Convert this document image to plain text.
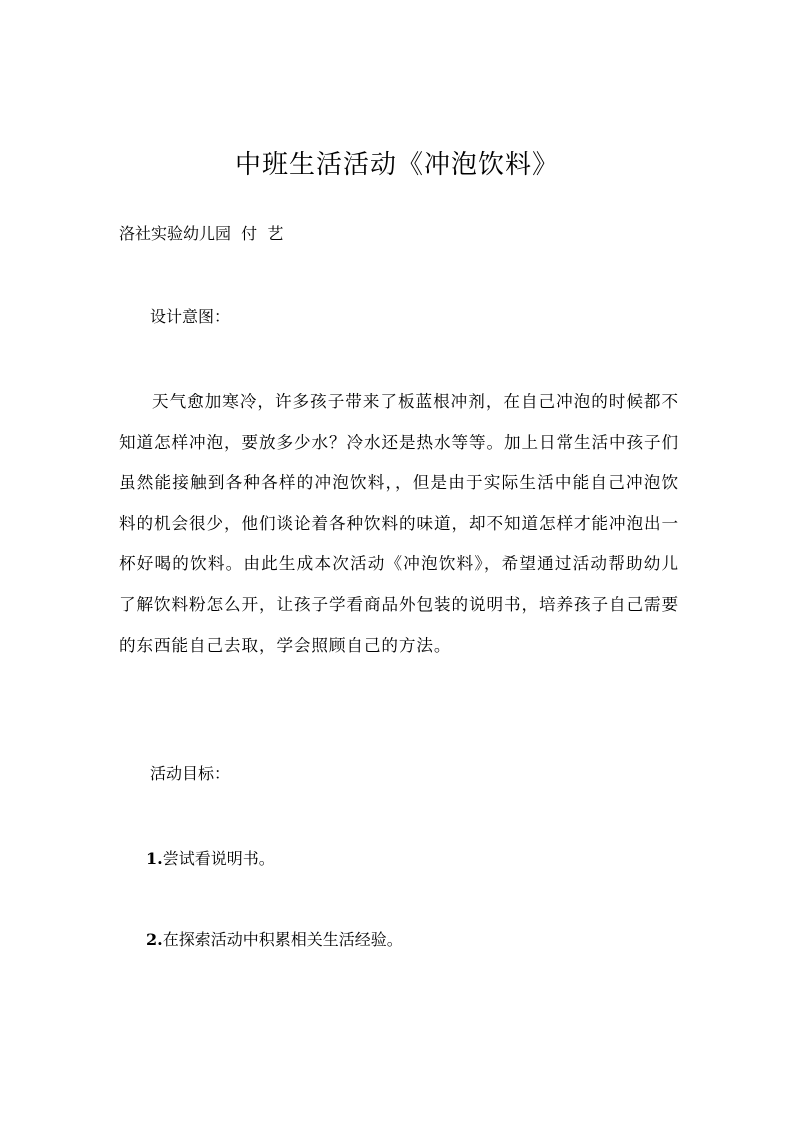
中班生活活动《冲泡饮料》
洛社实验幼儿园  付  艺
设计意图：
天气愈加寒冷，许多孩子带来了板蓝根冲剂，在自己冲泡的时候都不知道怎样冲泡，要放多少水？冷水还是热水等等。加上日常生活中孩子们虽然能接触到各种各样的冲泡饮料，，但是由于实际生活中能自己冲泡饮料的机会很少，他们谈论着各种饮料的味道，却不知道怎样才能冲泡出一杯好喝的饮料。由此生成本次活动《冲泡饮料》，希望通过活动帮助幼儿了解饮料粉怎么开，让孩子学看商品外包装的说明书，培养孩子自己需要的东西能自己去取，学会照顾自己的方法。
活动目标：
1.尝试看说明书。
2.在探索活动中积累相关生活经验。
